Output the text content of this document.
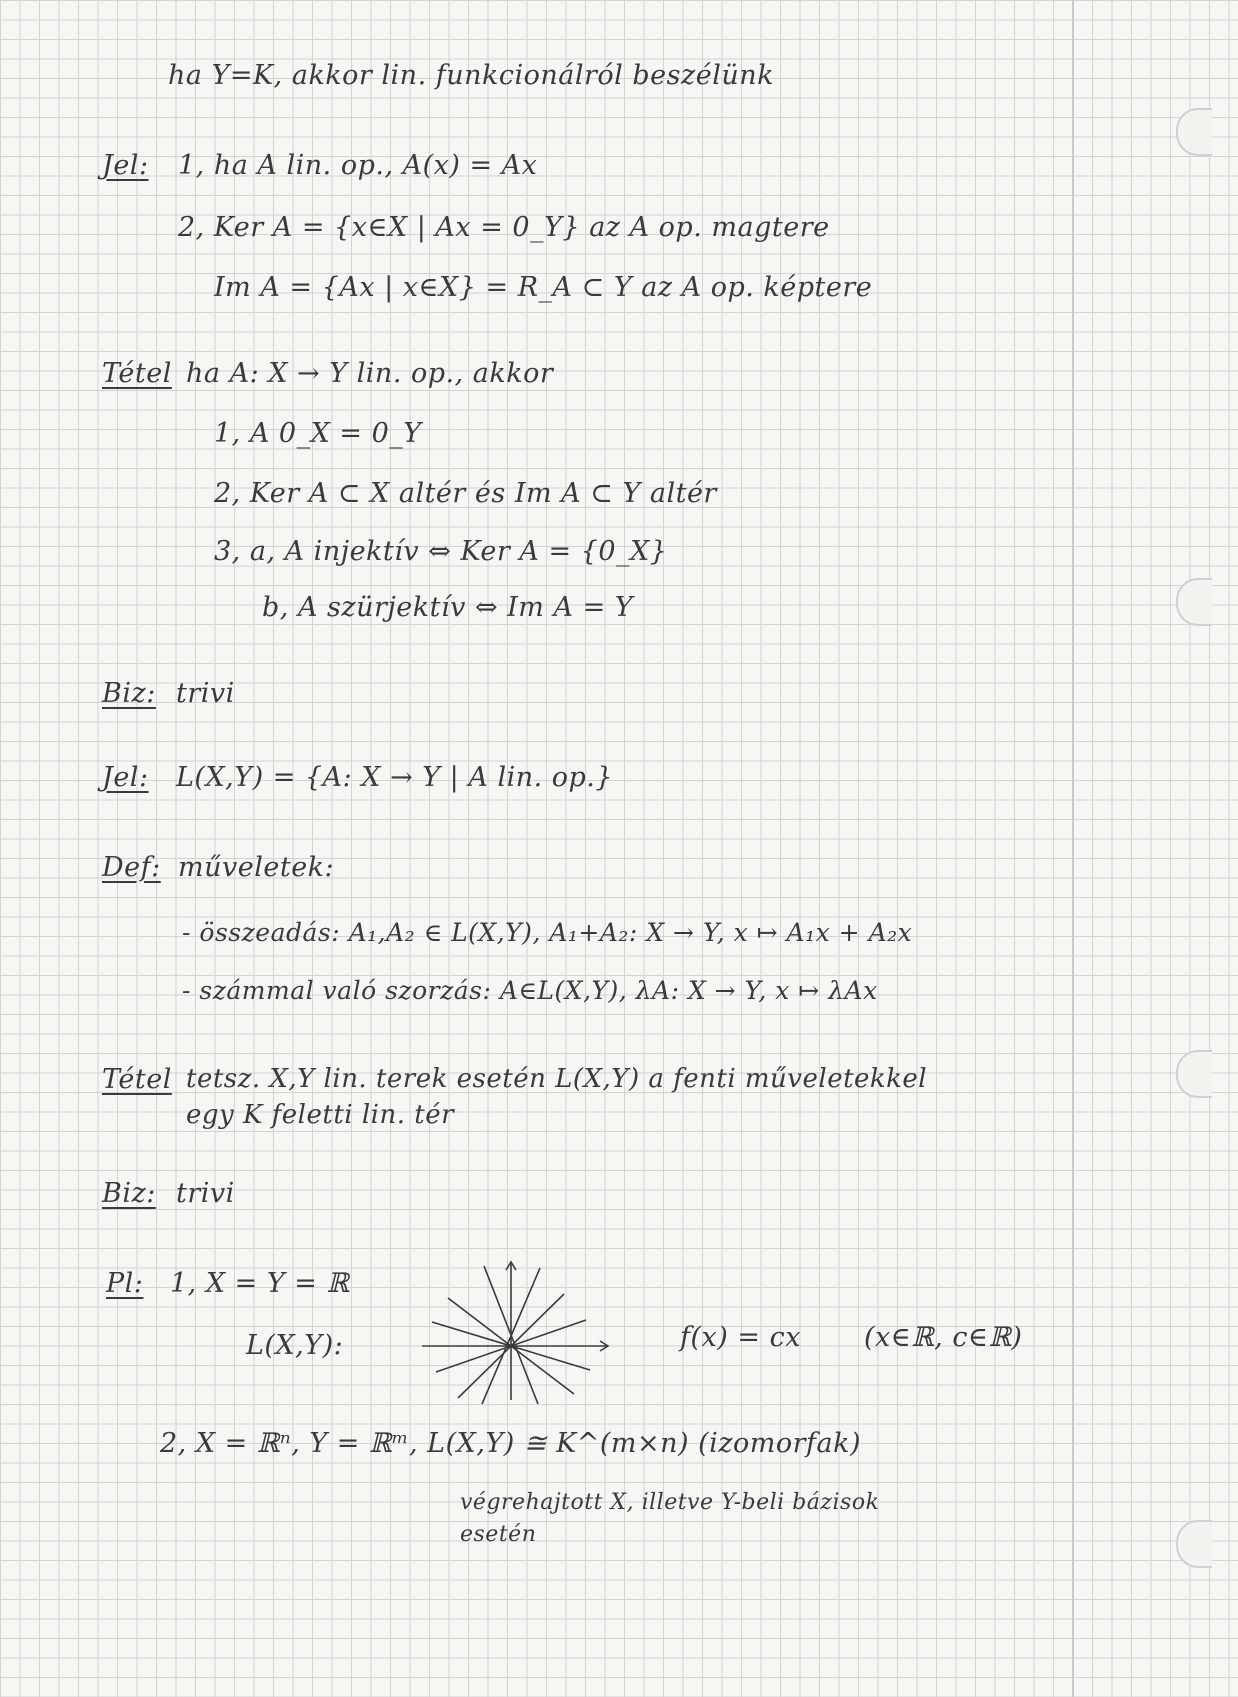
ha Y=K, akkor lin. funkcionálról beszélünk
Jel: 1, ha A lin. op., A(x) = Ax
2, Ker A = {x∈X | Ax = 0_Y} az A op. magtere
Im A = {Ax | x∈X} = R_A ⊂ Y az A op. képtere
Tétel ha A: X → Y lin. op., akkor
1, A 0_X = 0_Y
2, Ker A ⊂ X altér és Im A ⊂ Y altér
3, a, A injektív ⇔ Ker A = {0_X}
b, A szürjektív ⇔ Im A = Y
Biz: trivi
Jel: L(X,Y) = {A: X → Y | A lin. op.}
Def: műveletek:
- összeadás: A₁,A₂ ∈ L(X,Y), A₁+A₂: X → Y, x ↦ A₁x + A₂x
- számmal való szorzás: A∈L(X,Y), λA: X → Y, x ↦ λAx
Tétel tetsz. X,Y lin. terek esetén L(X,Y) a fenti műveletekkel
egy K feletti lin. tér
Biz: trivi
Pl: 1, X = Y = ℝ
L(X,Y):	f(x) = cx (x∈ℝ, c∈ℝ)
2, X = ℝⁿ, Y = ℝᵐ, L(X,Y) ≅ K^(m×n) (izomorfak)
végrehajtott X, illetve Y-beli bázisok
esetén
